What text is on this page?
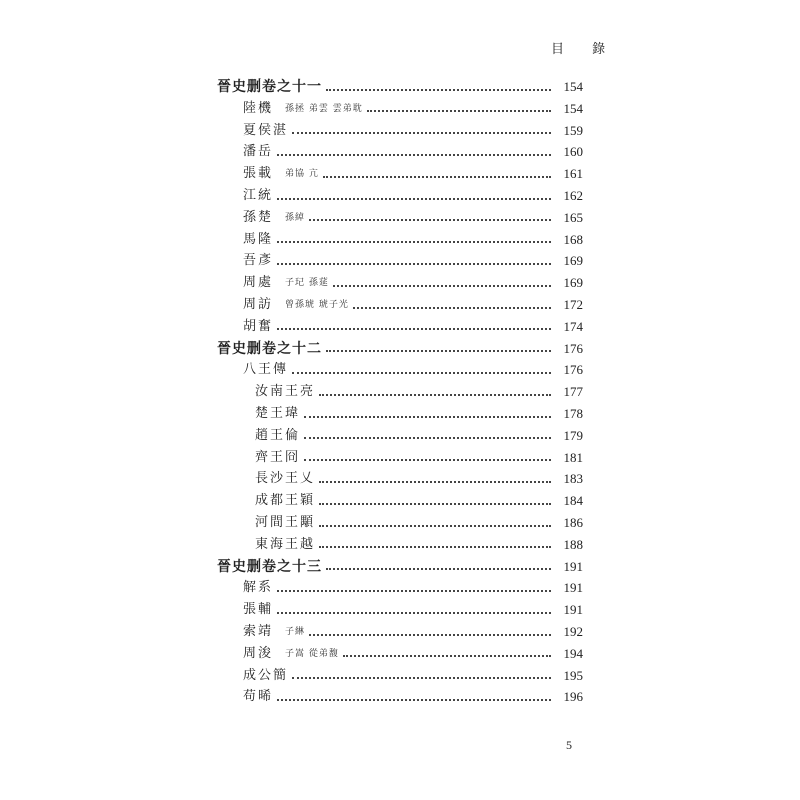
目 錄
晉史删卷之十一	154
陸機 孫拯 弟雲 雲弟耽	154
夏侯湛	159
潘岳	160
張載 弟協 亢	161
江統	162
孫楚 孫綽	165
馬隆	168
吾彥	169
周處 子玘 孫莚	169
周訪 曾孫琥 琥子光	172
胡奮	174
晉史删卷之十二	176
八王傳	176
汝南王亮	177
楚王瑋	178
趙王倫	179
齊王冏	181
長沙王乂	183
成都王穎	184
河間王顒	186
東海王越	188
晉史删卷之十三	191
解系	191
張輔	191
索靖 子綝	192
周浚 子嵩 從弟馥	194
成公簡	195
苟晞	196
5
